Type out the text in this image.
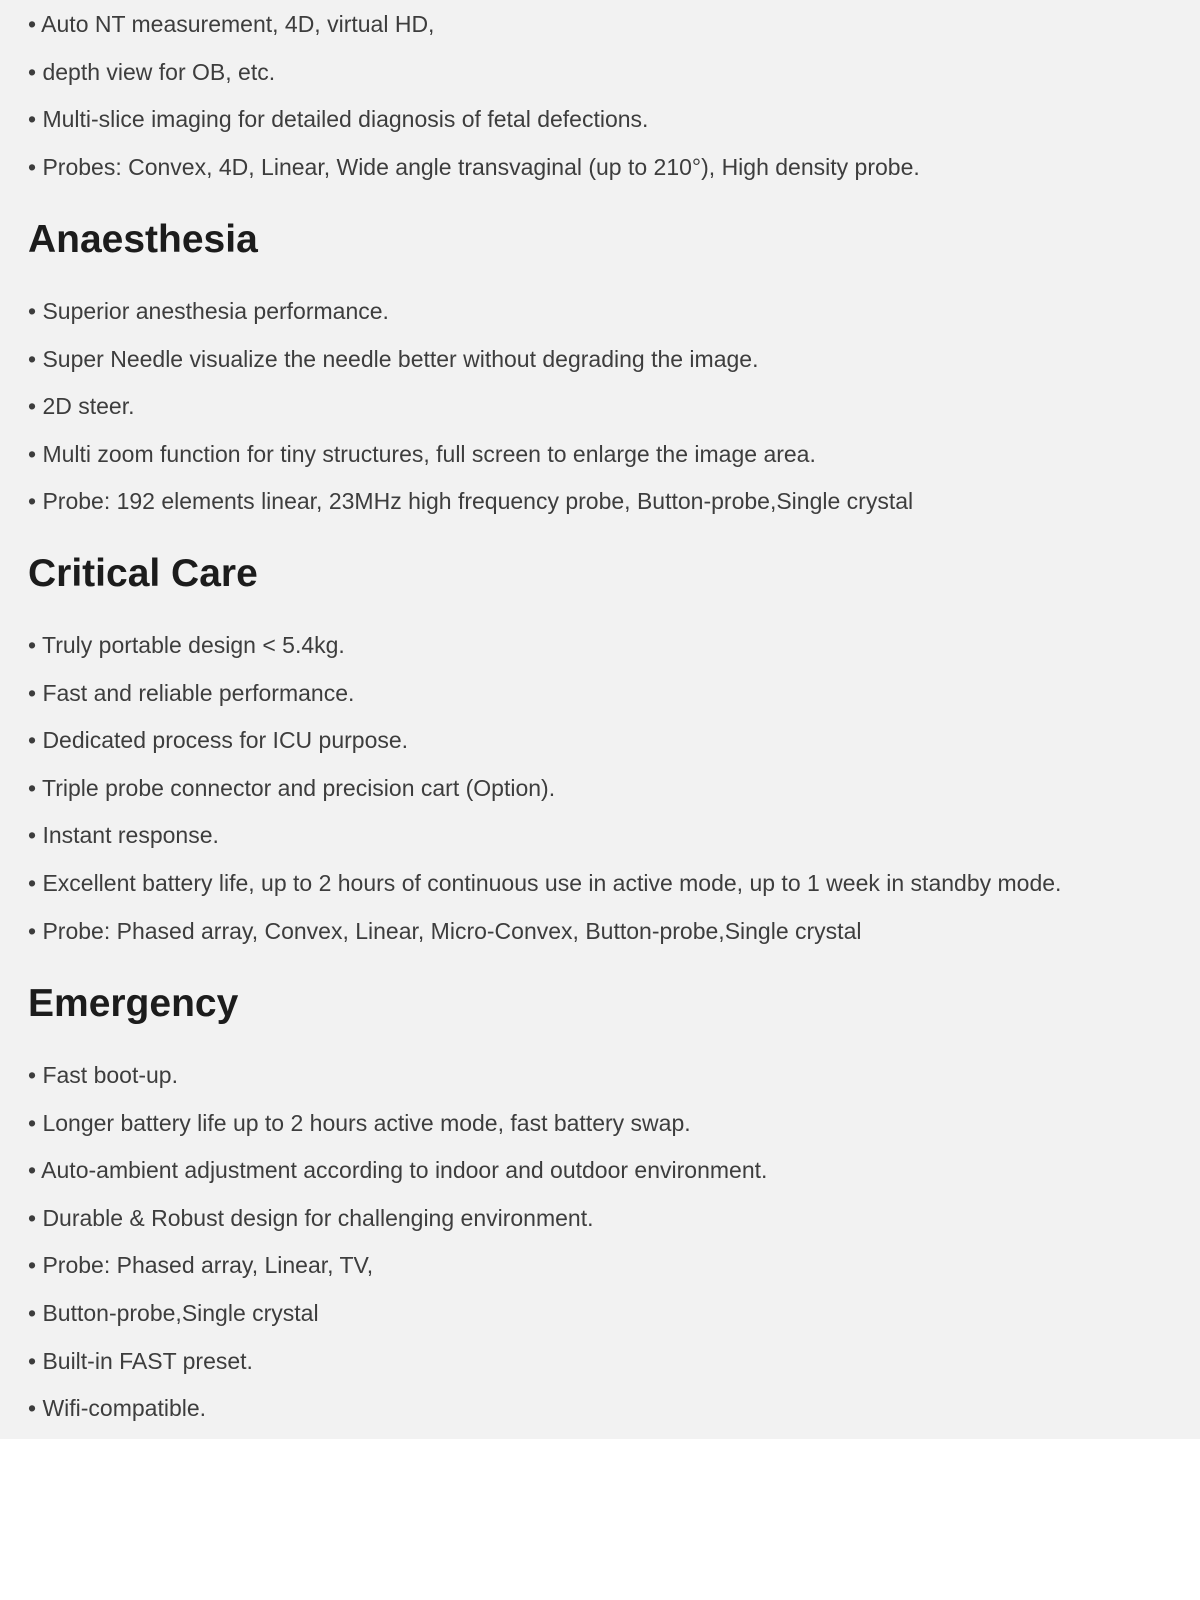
• Auto NT measurement, 4D, virtual HD,
• depth view for OB, etc.
• Multi-slice imaging for detailed diagnosis of fetal defections.
• Probes: Convex, 4D, Linear, Wide angle transvaginal (up to 210°), High density probe.
Anaesthesia
• Superior anesthesia performance.
• Super Needle visualize the needle better without degrading the image.
• 2D steer.
• Multi zoom function for tiny structures, full screen to enlarge the image area.
• Probe: 192 elements linear, 23MHz high frequency probe, Button-probe,Single crystal
Critical Care
• Truly portable design < 5.4kg.
• Fast and reliable performance.
• Dedicated process for ICU purpose.
• Triple probe connector and precision cart (Option).
• Instant response.
• Excellent battery life, up to 2 hours of continuous use in active mode, up to 1 week in standby mode.
• Probe: Phased array, Convex, Linear, Micro-Convex, Button-probe,Single crystal
Emergency
• Fast boot-up.
• Longer battery life up to 2 hours active mode, fast battery swap.
• Auto-ambient adjustment according to indoor and outdoor environment.
• Durable & Robust design for challenging environment.
• Probe: Phased array, Linear, TV,
• Button-probe,Single crystal
• Built-in FAST preset.
• Wifi-compatible.
